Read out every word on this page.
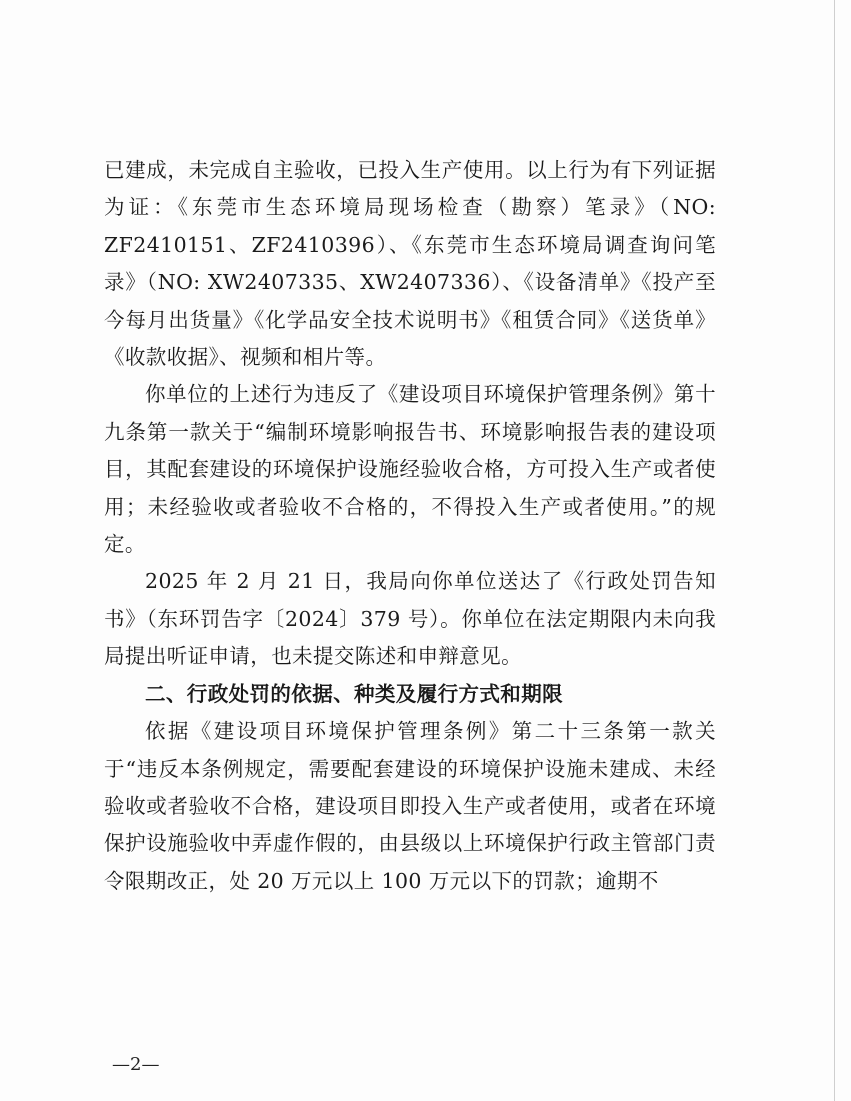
已建成，未完成自主验收，已投入生产使用。以上行为有下列证据为证：《东莞市生态环境局现场检查（勘察）笔录》（NO: ZF2410151、ZF2410396）、《东莞市生态环境局调查询问笔录》（NO: XW2407335、XW2407336）、《设备清单》《投产至今每月出货量》《化学品安全技术说明书》《租赁合同》《送货单》《收款收据》、视频和相片等。

你单位的上述行为违反了《建设项目环境保护管理条例》第十九条第一款关于“编制环境影响报告书、环境影响报告表的建设项目，其配套建设的环境保护设施经验收合格，方可投入生产或者使用；未经验收或者验收不合格的，不得投入生产或者使用。”的规定。

2025 年 2 月 21 日，我局向你单位送达了《行政处罚告知书》（东环罚告字〔2024〕379 号）。你单位在法定期限内未向我局提出听证申请，也未提交陈述和申辩意见。

二、行政处罚的依据、种类及履行方式和期限

依据《建设项目环境保护管理条例》第二十三条第一款关于“违反本条例规定，需要配套建设的环境保护设施未建成、未经验收或者验收不合格，建设项目即投入生产或者使用，或者在环境保护设施验收中弄虚作假的，由县级以上环境保护行政主管部门责令限期改正，处 20 万元以上 100 万元以下的罚款；逾期不

—2—
